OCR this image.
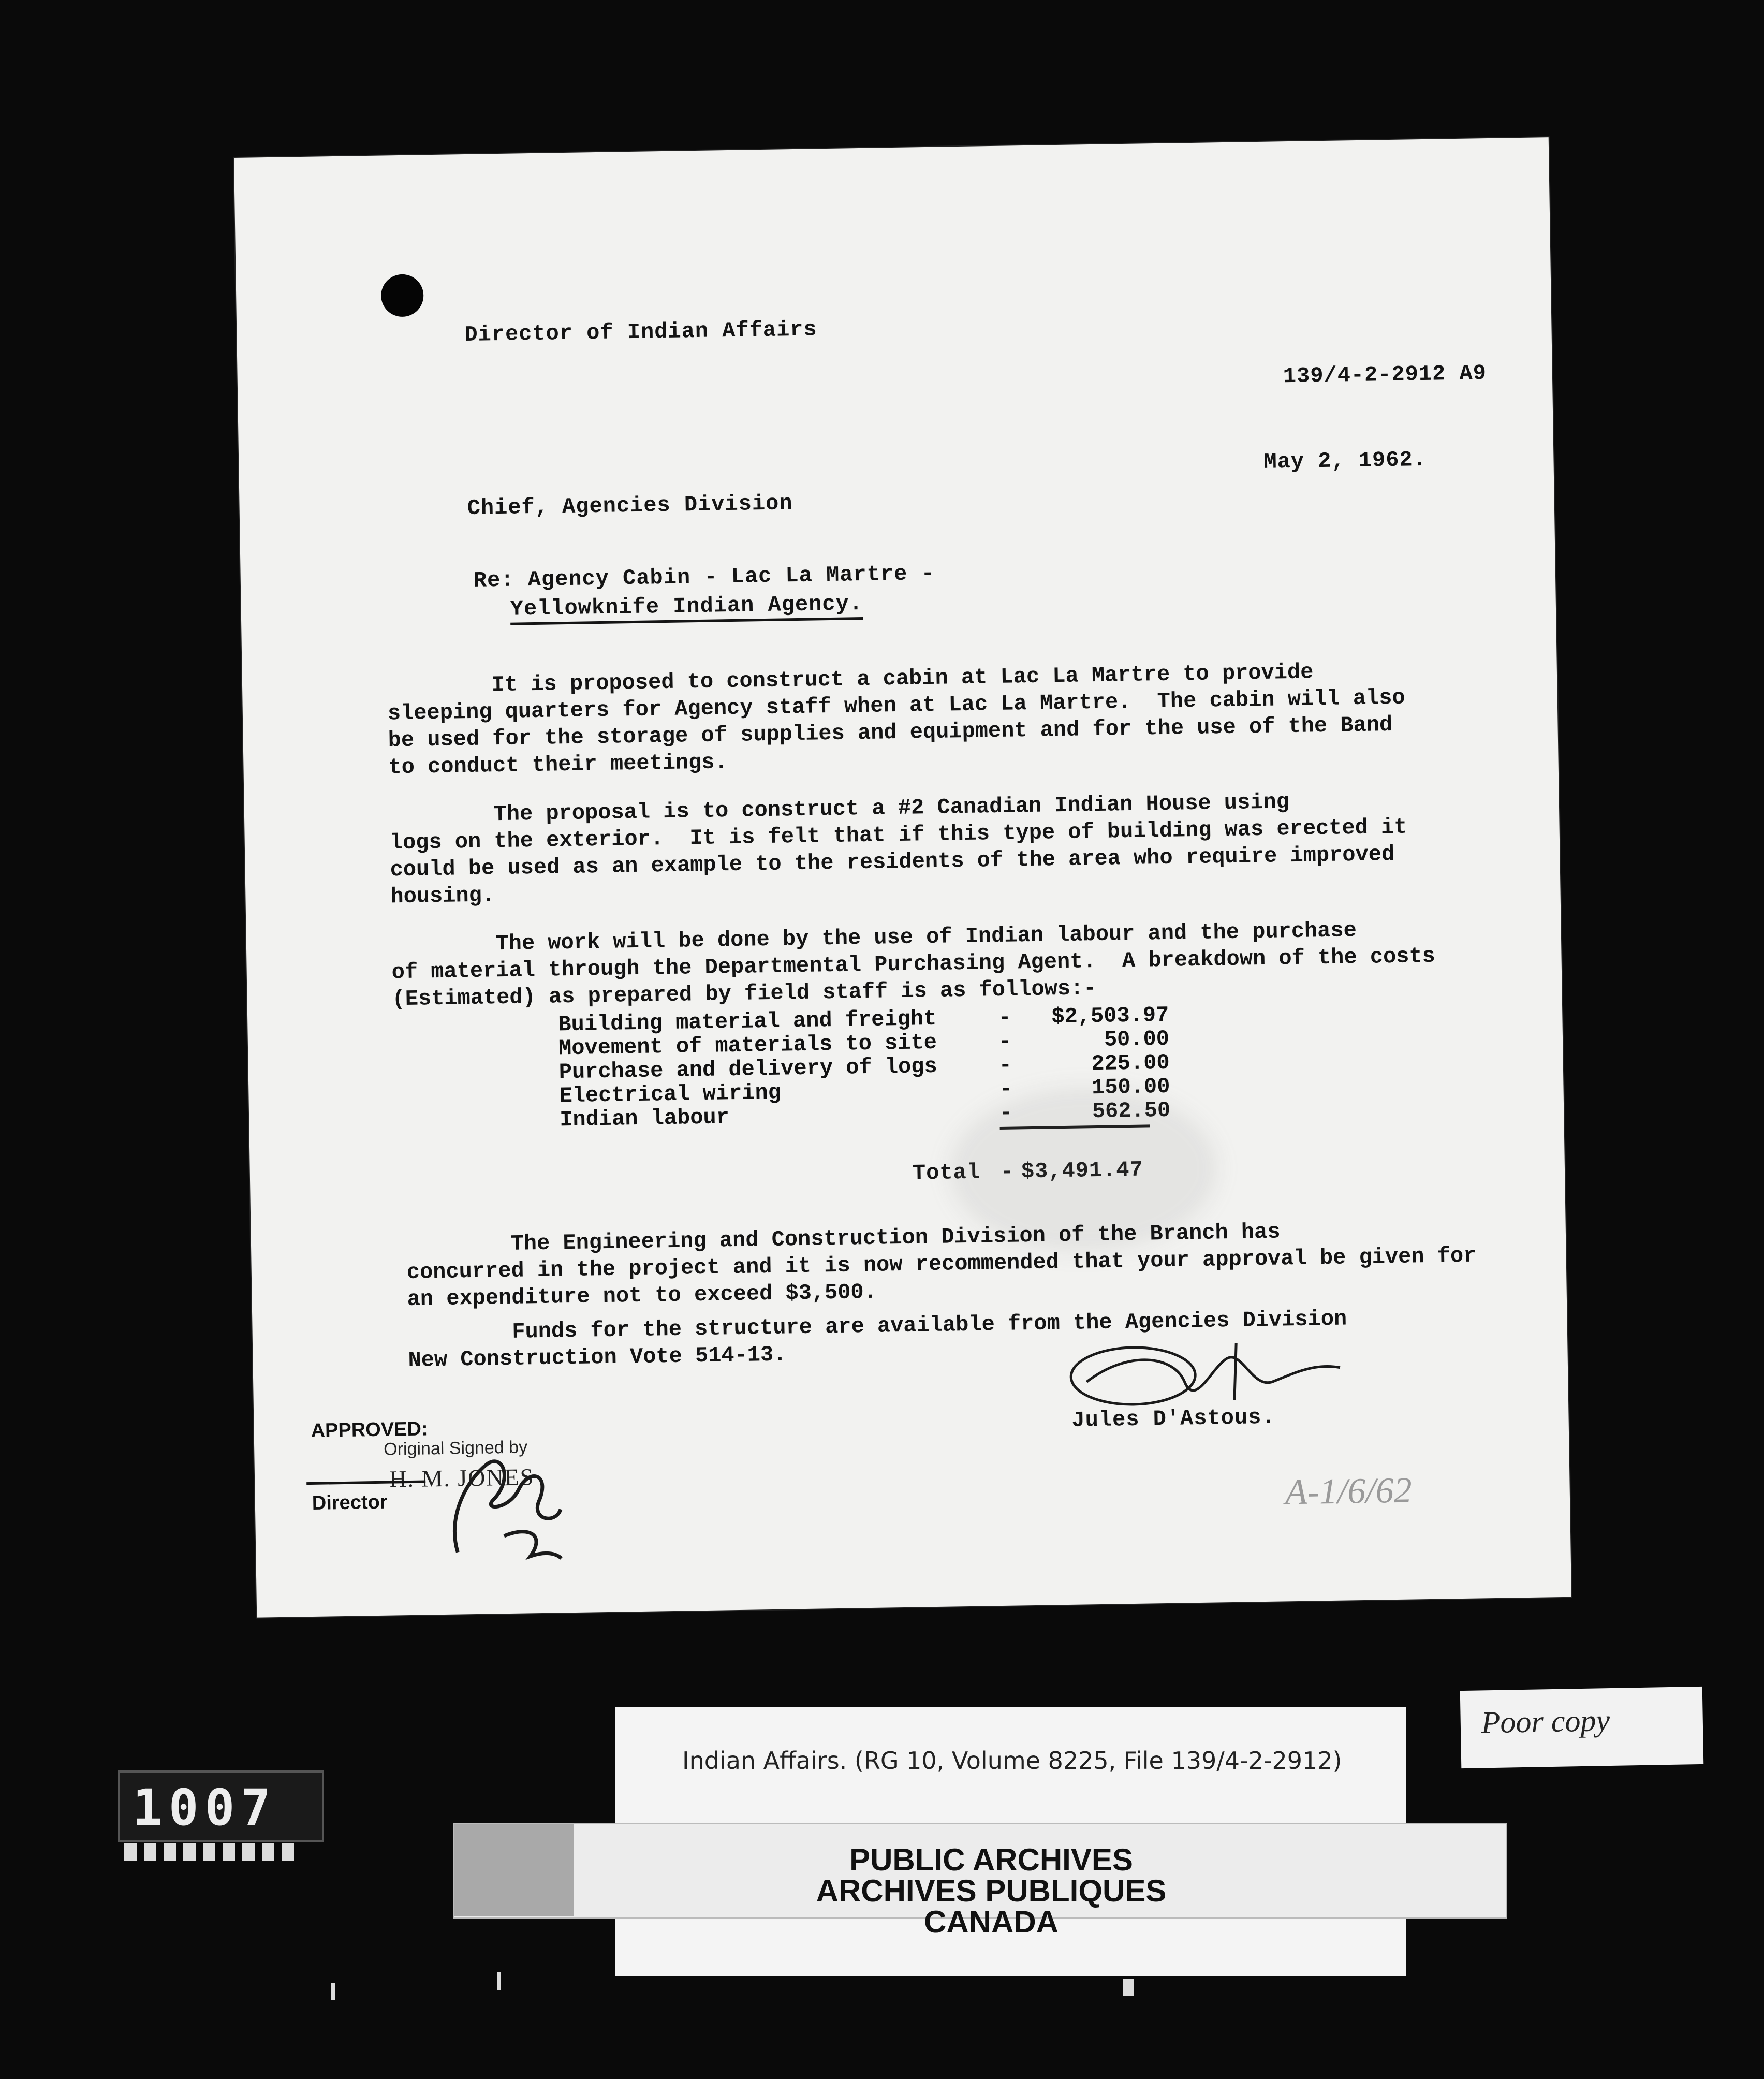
Director of Indian Affairs
139/4-2-2912 A9
May 2, 1962.
Chief, Agencies Division
Re: Agency Cabin - Lac La Martre -
Yellowknife Indian Agency.
It is proposed to construct a cabin at Lac La Martre to provide
sleeping quarters for Agency staff when at Lac La Martre.  The cabin will also
be used for the storage of supplies and equipment and for the use of the Band
to conduct their meetings.
The proposal is to construct a #2 Canadian Indian House using
logs on the exterior.  It is felt that if this type of building was erected it
could be used as an example to the residents of the area who require improved
housing.
The work will be done by the use of Indian labour and the purchase
of material through the Departmental Purchasing Agent.  A breakdown of the costs
(Estimated) as prepared by field staff is as follows:-
Building material and freight	-	$2,503.97
Movement of materials to site	-	50.00
Purchase and delivery of logs	-	225.00
Electrical wiring	-	150.00
Indian labour	-	562.50
Total - $3,491.47
The Engineering and Construction Division of the Branch has
concurred in the project and it is now recommended that your approval be given for
an expenditure not to exceed $3,500.
Funds for the structure are available from the Agencies Division
New Construction Vote 514-13.
Jules D'Astous.
APPROVED:
Original Signed by
H. M. JONES
Director	A-1/6/62
Indian Affairs. (RG 10, Volume 8225, File 139/4-2-2912)
PUBLIC ARCHIVES
ARCHIVES PUBLIQUES
CANADA
Poor copy
1007
